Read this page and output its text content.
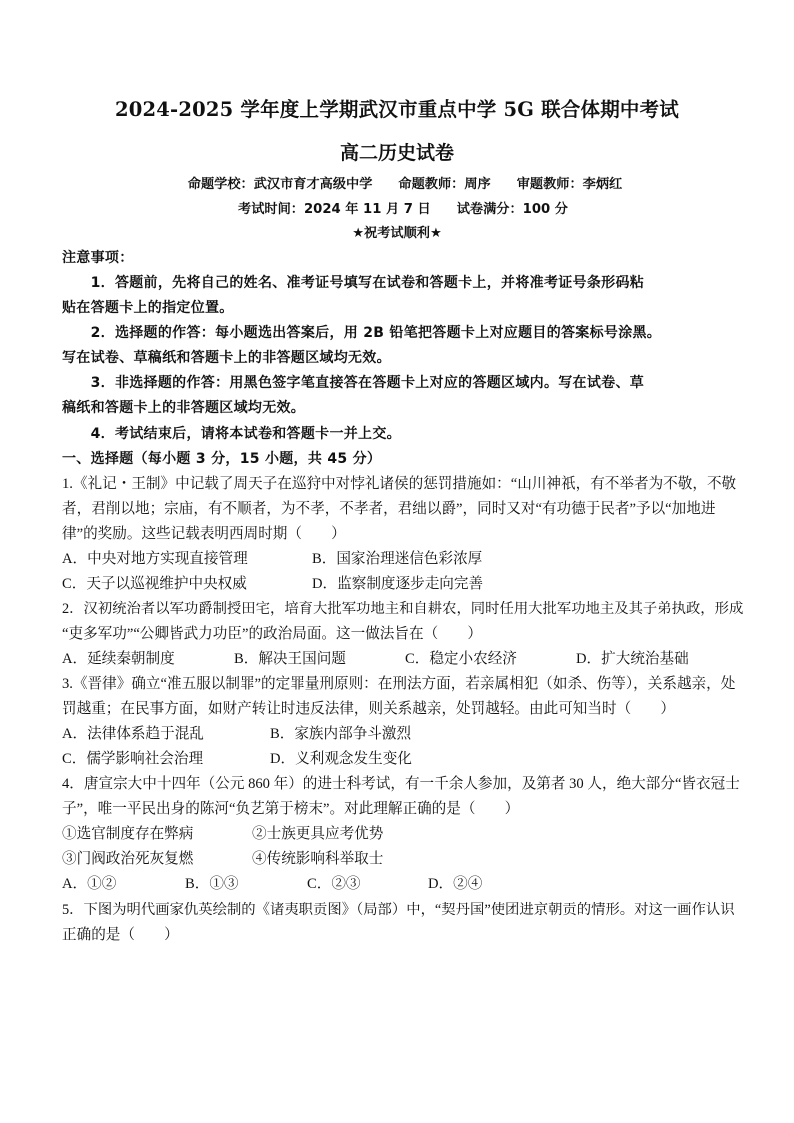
2024-2025 学年度上学期武汉市重点中学 5G 联合体期中考试
高二历史试卷
命题学校：武汉市育才高级中学 命题教师：周序 审题教师：李炳红
考试时间：2024 年 11 月 7 日 试卷满分：100 分
★祝考试顺利★
注意事项：
　　1．答题前，先将自己的姓名、准考证号填写在试卷和答题卡上，并将准考证号条形码粘
贴在答题卡上的指定位置。
　　2．选择题的作答：每小题选出答案后，用 2B 铅笔把答题卡上对应题目的答案标号涂黑。
写在试卷、草稿纸和答题卡上的非答题区域均无效。
　　3．非选择题的作答：用黑色签字笔直接答在答题卡上对应的答题区域内。写在试卷、草
稿纸和答题卡上的非答题区域均无效。
　　4．考试结束后，请将本试卷和答题卡一并上交。
一、选择题（每小题 3 分，15 小题，共 45 分）
1.《礼记・王制》中记载了周天子在巡狩中对悖礼诸侯的惩罚措施如：“山川神祇，有不举者为不敬，不敬
者，君削以地；宗庙，有不顺者，为不孝，不孝者，君绌以爵”，同时又对“有功德于民者”予以“加地进
律”的奖励。这些记载表明西周时期（　　）
A．中央对地方实现直接管理	B．国家治理迷信色彩浓厚
C．天子以巡视维护中央权威	D．监察制度逐步走向完善
2．汉初统治者以军功爵制授田宅，培育大批军功地主和自耕农，同时任用大批军功地主及其子弟执政，形成
“吏多军功”“公卿皆武力功臣”的政治局面。这一做法旨在（　　）
A．延续秦朝制度	B．解决王国问题	C．稳定小农经济	D．扩大统治基础
3.《晋律》确立“准五服以制罪”的定罪量刑原则：在刑法方面，若亲属相犯（如杀、伤等），关系越亲，处
罚越重；在民事方面，如财产转让时违反法律，则关系越亲，处罚越轻。由此可知当时（　　）
A．法律体系趋于混乱	B．家族内部争斗激烈
C．儒学影响社会治理	D．义利观念发生变化
4．唐宣宗大中十四年（公元 860 年）的进士科考试，有一千余人参加，及第者 30 人，绝大部分“皆衣冠士
子”，唯一平民出身的陈河“负艺第于榜末”。对此理解正确的是（　　）
①选官制度存在弊病	②士族更具应考优势
③门阀政治死灰复燃	④传统影响科举取士
A．①②	B．①③	C．②③	D．②④
5．下图为明代画家仇英绘制的《诸夷职贡图》（局部）中，“契丹国”使团进京朝贡的情形。对这一画作认识
正确的是（　　）
